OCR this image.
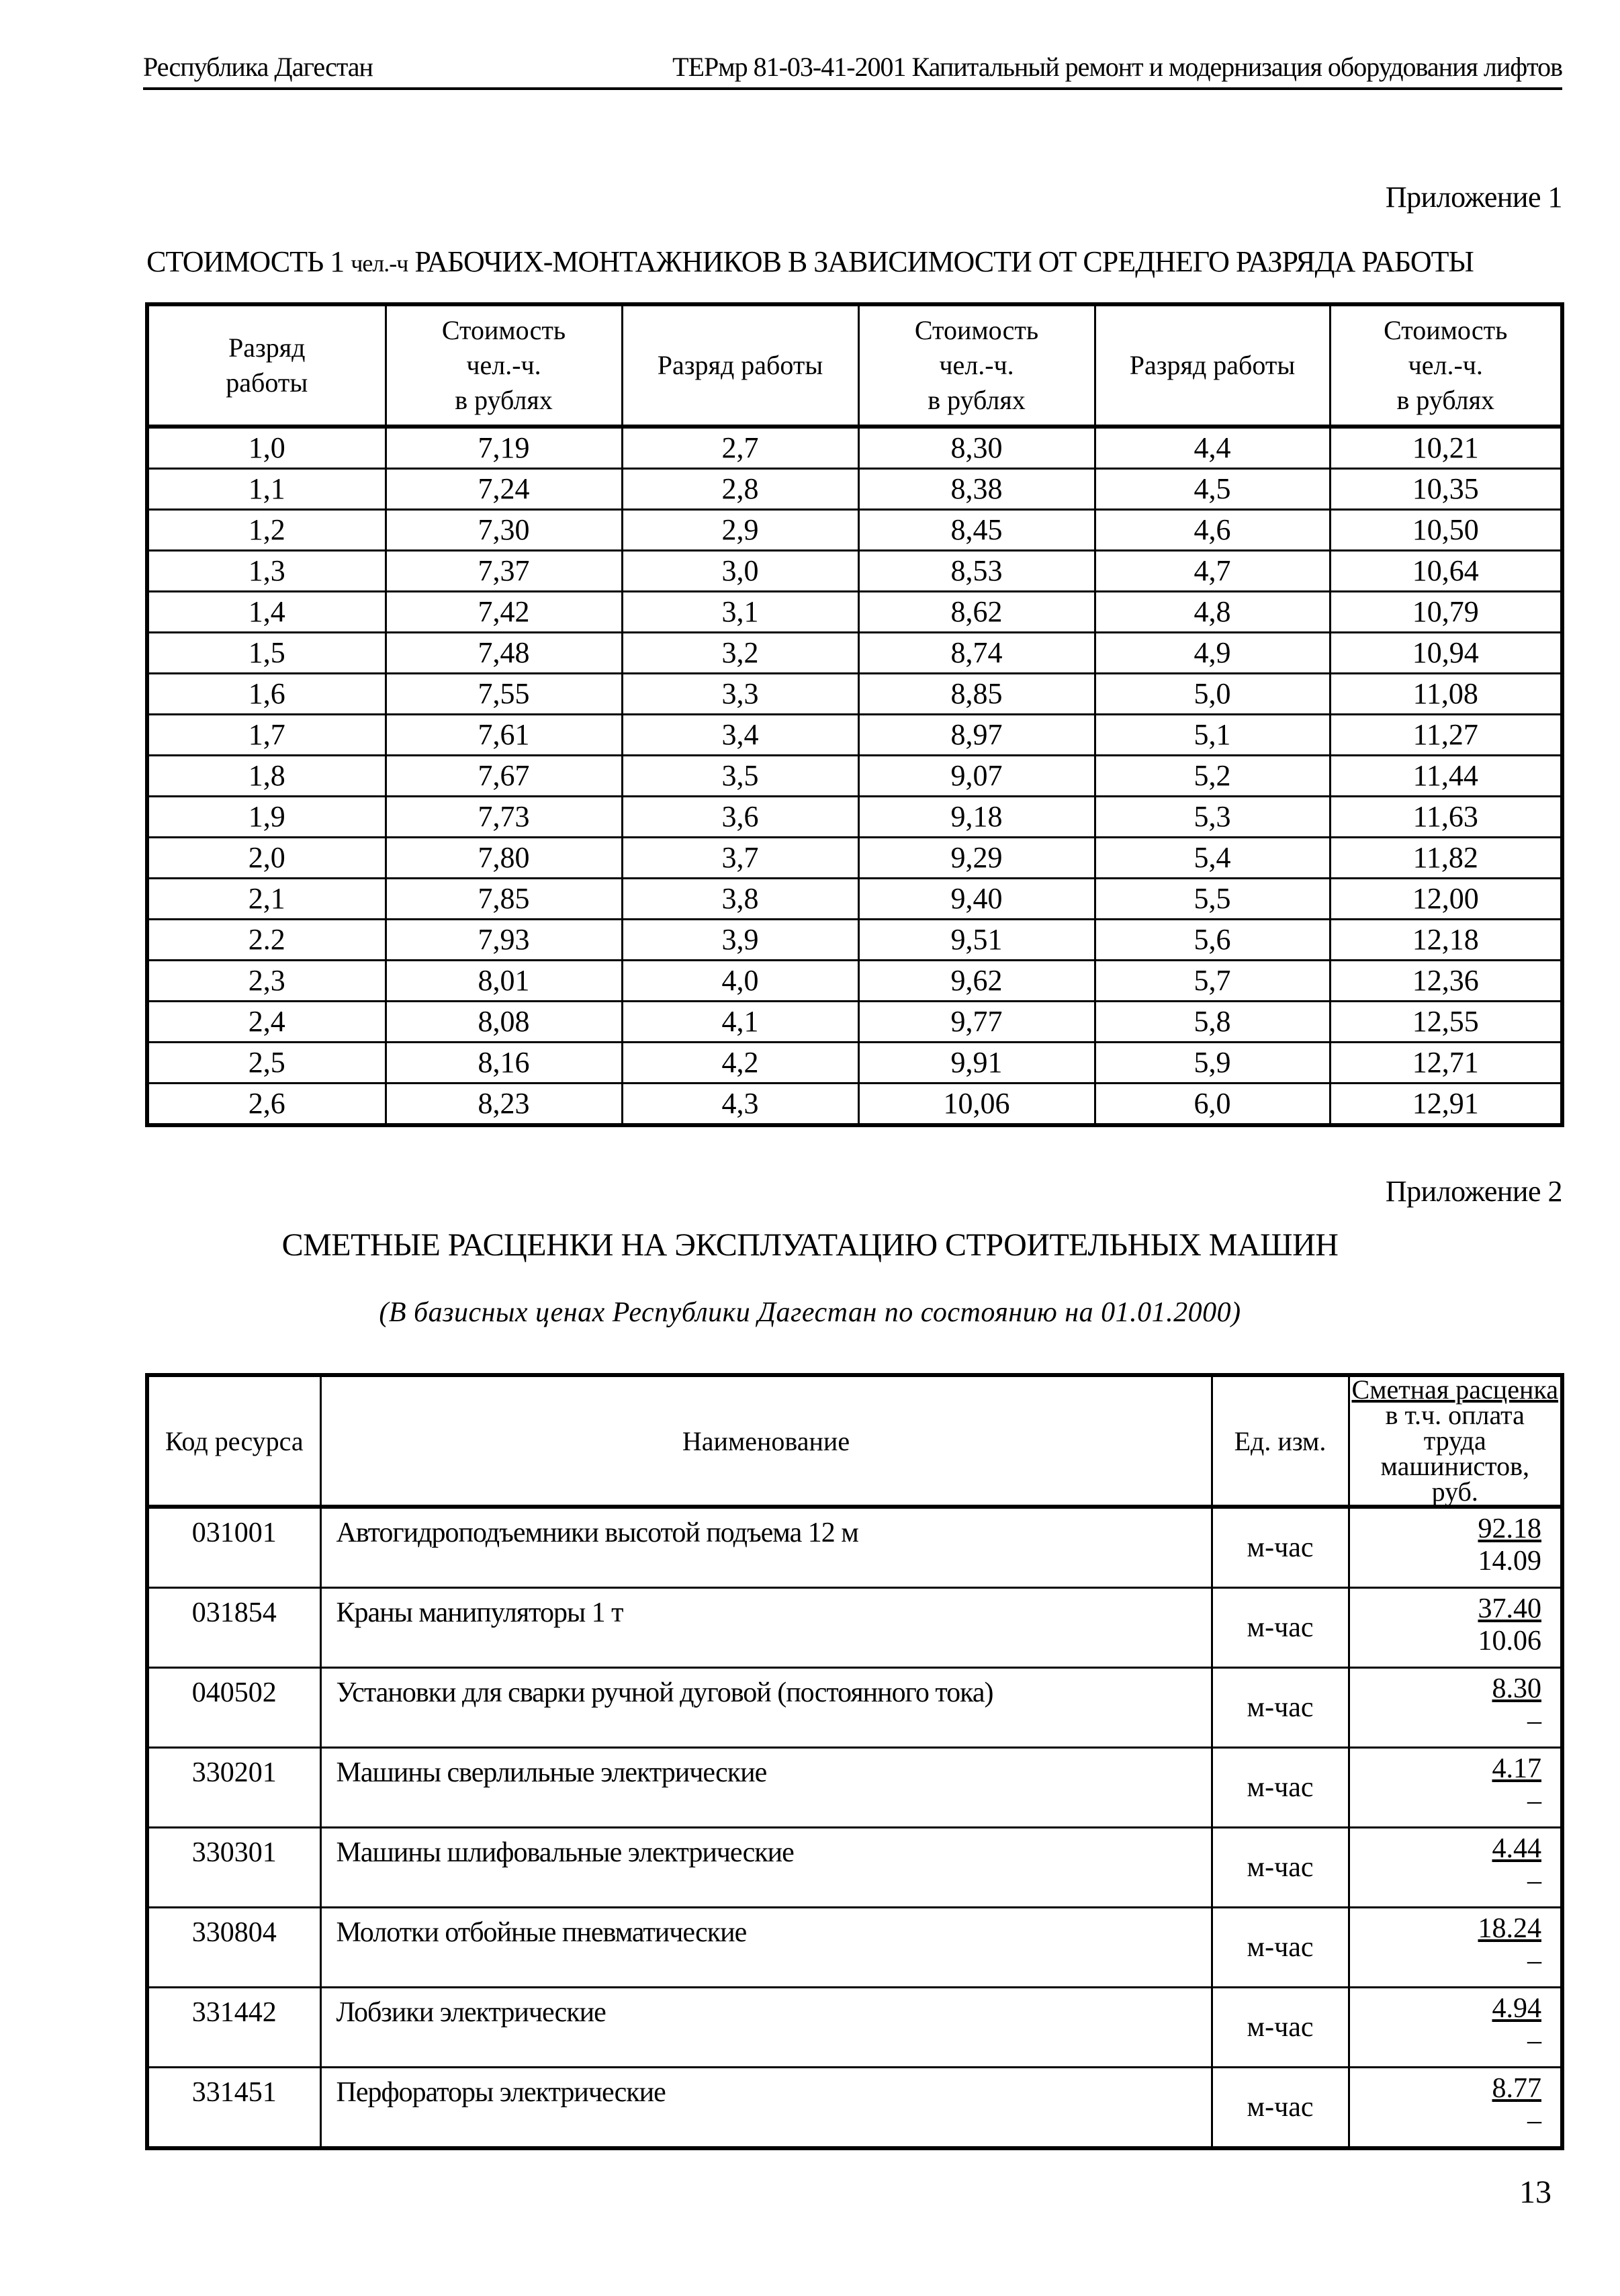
Республика Дагестан	ТЕРмр 81-03-41-2001 Капитальный ремонт и модернизация оборудования лифтов
Приложение 1
СТОИМОСТЬ 1 чел.-ч РАБОЧИХ-МОНТАЖНИКОВ В ЗАВИСИМОСТИ ОТ СРЕДНЕГО РАЗРЯДА РАБОТЫ
Разряд
работы	Стоимость
чел.-ч.
в рублях	Разряд работы	Стоимость
чел.-ч.
в рублях	Разряд работы	Стоимость
чел.-ч.
в рублях
1,0	7,19	2,7	8,30	4,4	10,21
1,1	7,24	2,8	8,38	4,5	10,35
1,2	7,30	2,9	8,45	4,6	10,50
1,3	7,37	3,0	8,53	4,7	10,64
1,4	7,42	3,1	8,62	4,8	10,79
1,5	7,48	3,2	8,74	4,9	10,94
1,6	7,55	3,3	8,85	5,0	11,08
1,7	7,61	3,4	8,97	5,1	11,27
1,8	7,67	3,5	9,07	5,2	11,44
1,9	7,73	3,6	9,18	5,3	11,63
2,0	7,80	3,7	9,29	5,4	11,82
2,1	7,85	3,8	9,40	5,5	12,00
2.2	7,93	3,9	9,51	5,6	12,18
2,3	8,01	4,0	9,62	5,7	12,36
2,4	8,08	4,1	9,77	5,8	12,55
2,5	8,16	4,2	9,91	5,9	12,71
2,6	8,23	4,3	10,06	6,0	12,91
Приложение 2
СМЕТНЫЕ РАСЦЕНКИ НА ЭКСПЛУАТАЦИЮ СТРОИТЕЛЬНЫХ МАШИН
(В базисных ценах Республики Дагестан по состоянию на 01.01.2000)
Код ресурса	Наименование	Ед. изм.	Сметная расценка
в т.ч. оплата
труда машинистов,
руб.
031001	Автогидроподъемники высотой подъема 12 м	м-час	92.18
14.09

031854	Краны манипуляторы 1 т	м-час	37.40
10.06

040502	Установки для сварки ручной дуговой (постоянного тока)	м-час	8.30
–

330201	Машины сверлильные электрические	м-час	4.17
–

330301	Машины шлифовальные электрические	м-час	4.44
–

330804	Молотки отбойные пневматические	м-час	18.24
–

331442	Лобзики электрические	м-час	4.94
–

331451	Перфораторы электрические	м-час	8.77
–
13
